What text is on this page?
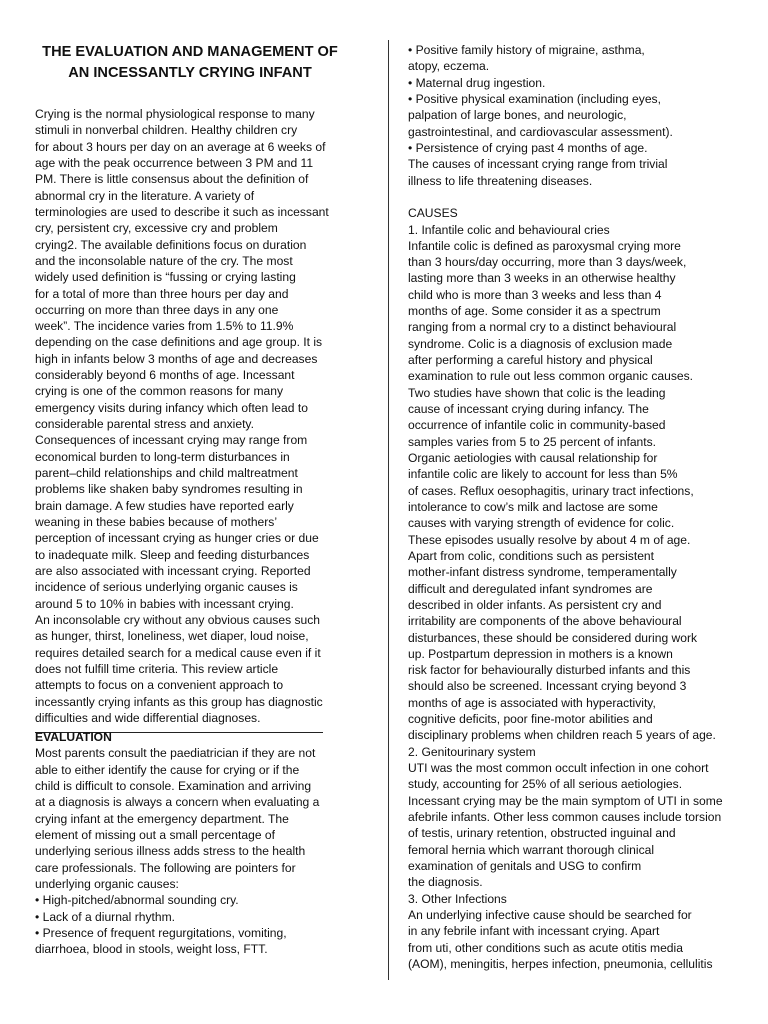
THE EVALUATION AND MANAGEMENT OF AN INCESSANTLY CRYING INFANT
Crying is the normal physiological response to many
stimuli in nonverbal children. Healthy children cry
for about 3 hours per day on an average at 6 weeks of
age with the peak occurrence between 3 PM and 11
PM. There is little consensus about the definition of
abnormal cry in the literature. A variety of
terminologies are used to describe it such as incessant
cry, persistent cry, excessive cry and problem
crying2. The available definitions focus on duration
and the inconsolable nature of the cry. The most
widely used definition is “fussing or crying lasting
for a total of more than three hours per day and
occurring on more than three days in any one
week”. The incidence varies from 1.5% to 11.9%
depending on the case definitions and age group. It is
high in infants below 3 months of age and decreases
considerably beyond 6 months of age. Incessant
crying is one of the common reasons for many
emergency visits during infancy which often lead to
considerable parental stress and anxiety.
Consequences of incessant crying may range from
economical burden to long-term disturbances in
parent–child relationships and child maltreatment
problems like shaken baby syndromes resulting in
brain damage. A few studies have reported early
weaning in these babies because of mothers’
perception of incessant crying as hunger cries or due
to inadequate milk. Sleep and feeding disturbances
are also associated with incessant crying. Reported
incidence of serious underlying organic causes is
around 5 to 10% in babies with incessant crying.
An inconsolable cry without any obvious causes such
as hunger, thirst, loneliness, wet diaper, loud noise,
requires detailed search for a medical cause even if it
does not fulfill time criteria. This review article
attempts to focus on a convenient approach to
incessantly crying infants as this group has diagnostic
difficulties and wide differential diagnoses.
EVALUATION
Most parents consult the paediatrician if they are not
able to either identify the cause for crying or if the
child is difficult to console. Examination and arriving
at a diagnosis is always a concern when evaluating a
crying infant at the emergency department. The
element of missing out a small percentage of
underlying serious illness adds stress to the health
care professionals. The following are pointers for
underlying organic causes:
• High-pitched/abnormal sounding cry.
• Lack of a diurnal rhythm.
• Presence of frequent regurgitations, vomiting,
diarrhoea, blood in stools, weight loss, FTT.
• Positive family history of migraine, asthma,
atopy, eczema.
• Maternal drug ingestion.
• Positive physical examination (including eyes,
palpation of large bones, and neurologic,
gastrointestinal, and cardiovascular assessment).
• Persistence of crying past 4 months of age.
The causes of incessant crying range from trivial
illness to life threatening diseases.
CAUSES
1. Infantile colic and behavioural cries
Infantile colic is defined as paroxysmal crying more
than 3 hours/day occurring, more than 3 days/week,
lasting more than 3 weeks in an otherwise healthy
child who is more than 3 weeks and less than 4
months of age. Some consider it as a spectrum
ranging from a normal cry to a distinct behavioural
syndrome. Colic is a diagnosis of exclusion made
after performing a careful history and physical
examination to rule out less common organic causes.
Two studies have shown that colic is the leading
cause of incessant crying during infancy. The
occurrence of infantile colic in community-based
samples varies from 5 to 25 percent of infants.
Organic aetiologies with causal relationship for
infantile colic are likely to account for less than 5%
of cases. Reflux oesophagitis, urinary tract infections,
intolerance to cow’s milk and lactose are some
causes with varying strength of evidence for colic.
These episodes usually resolve by about 4 m of age.
Apart from colic, conditions such as persistent
mother-infant distress syndrome, temperamentally
difficult and deregulated infant syndromes are
described in older infants. As persistent cry and
irritability are components of the above behavioural
disturbances, these should be considered during work
up. Postpartum depression in mothers is a known
risk factor for behaviourally disturbed infants and this
should also be screened. Incessant crying beyond 3
months of age is associated with hyperactivity,
cognitive deficits, poor fine-motor abilities and
disciplinary problems when children reach 5 years of age.
2. Genitourinary system
UTI was the most common occult infection in one cohort
study, accounting for 25% of all serious aetiologies.
Incessant crying may be the main symptom of UTI in some
afebrile infants. Other less common causes include torsion
of testis, urinary retention, obstructed inguinal and
femoral hernia which warrant thorough clinical
examination of genitals and USG to confirm
the diagnosis.
3. Other Infections
An underlying infective cause should be searched for
in any febrile infant with incessant crying. Apart
from uti, other conditions such as acute otitis media
(AOM), meningitis, herpes infection, pneumonia, cellulitis
